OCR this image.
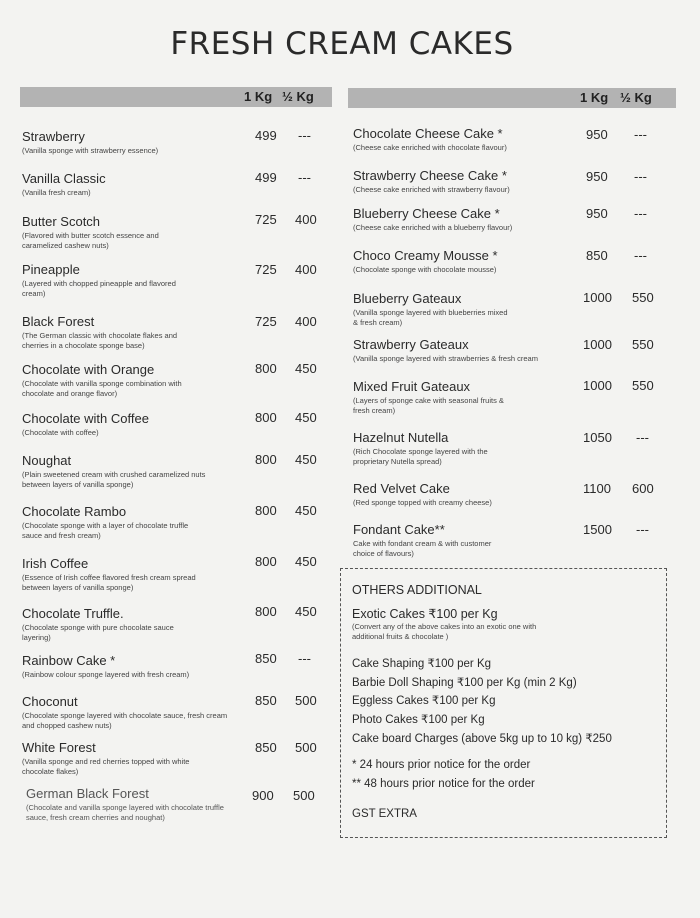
FRESH CREAM CAKES
1 Kg ½ Kg	1 Kg ½ Kg
Strawberry
(Vanilla sponge with strawberry essence)
499 ---
Vanilla Classic
(Vanilla fresh cream)
499 ---
Butter Scotch
(Flavored with butter scotch essence and caramelized cashew nuts)
725 400
Pineapple
(Layered with chopped pineapple and flavored cream)
725 400
Black Forest
(The German classic with chocolate flakes and cherries in a chocolate sponge base)
725 400
Chocolate with Orange
(Chocolate with vanilla sponge combination with chocolate and orange flavor)
800 450
Chocolate with Coffee
(Chocolate with coffee)
800 450
Noughat
(Plain sweetened cream with crushed caramelized nuts between layers of vanilla sponge)
800 450
Chocolate Rambo
(Chocolate sponge with a layer of chocolate truffle sauce and fresh cream)
800 450
Irish Coffee
(Essence of Irish coffee flavored fresh cream spread between layers of vanilla sponge)
800 450
Chocolate Truffle.
(Chocolate sponge with pure chocolate sauce layering)
800 450
Rainbow Cake *
(Rainbow colour sponge layered with fresh cream)
850 ---
Choconut
(Chocolate sponge layered with chocolate sauce, fresh cream and chopped cashew nuts)
850 500
White Forest
(Vanilla sponge and red cherries topped with white chocolate flakes)
850 500
German Black Forest
(Chocolate and vanilla sponge layered with chocolate truffle sauce, fresh cream cherries and noughat)
900 500
Chocolate Cheese Cake *
(Cheese cake enriched with chocolate flavour)
950 ---
Strawberry Cheese Cake *
(Cheese cake enriched with strawberry flavour)
950 ---
Blueberry Cheese Cake *
(Cheese cake enriched with a blueberry flavour)
950 ---
Choco Creamy Mousse *
(Chocolate sponge with chocolate mousse)
850 ---
Blueberry Gateaux
(Vanilla sponge layered with blueberries mixed & fresh cream)
1000 550
Strawberry Gateaux
(Vanilla sponge layered with strawberries & fresh cream
1000 550
Mixed Fruit Gateaux
(Layers of sponge cake with seasonal fruits & fresh cream)
1000 550
Hazelnut Nutella
(Rich Chocolate sponge layered with the proprietary Nutella spread)
1050 ---
Red Velvet Cake
(Red sponge topped with creamy cheese)
1100 600
Fondant Cake**
Cake with fondant cream & with customer choice of flavours)
1500 ---
OTHERS ADDITIONAL
Exotic Cakes ₹100 per Kg
(Convert any of the above cakes into an exotic one with additional fruits & chocolate )
Cake Shaping ₹100 per Kg
Barbie Doll Shaping ₹100 per Kg (min 2 Kg)
Eggless Cakes ₹100 per Kg
Photo Cakes ₹100 per Kg
Cake board Charges (above 5kg up to 10 kg) ₹250
* 24 hours prior notice for the order
** 48 hours prior notice for the order
GST EXTRA
